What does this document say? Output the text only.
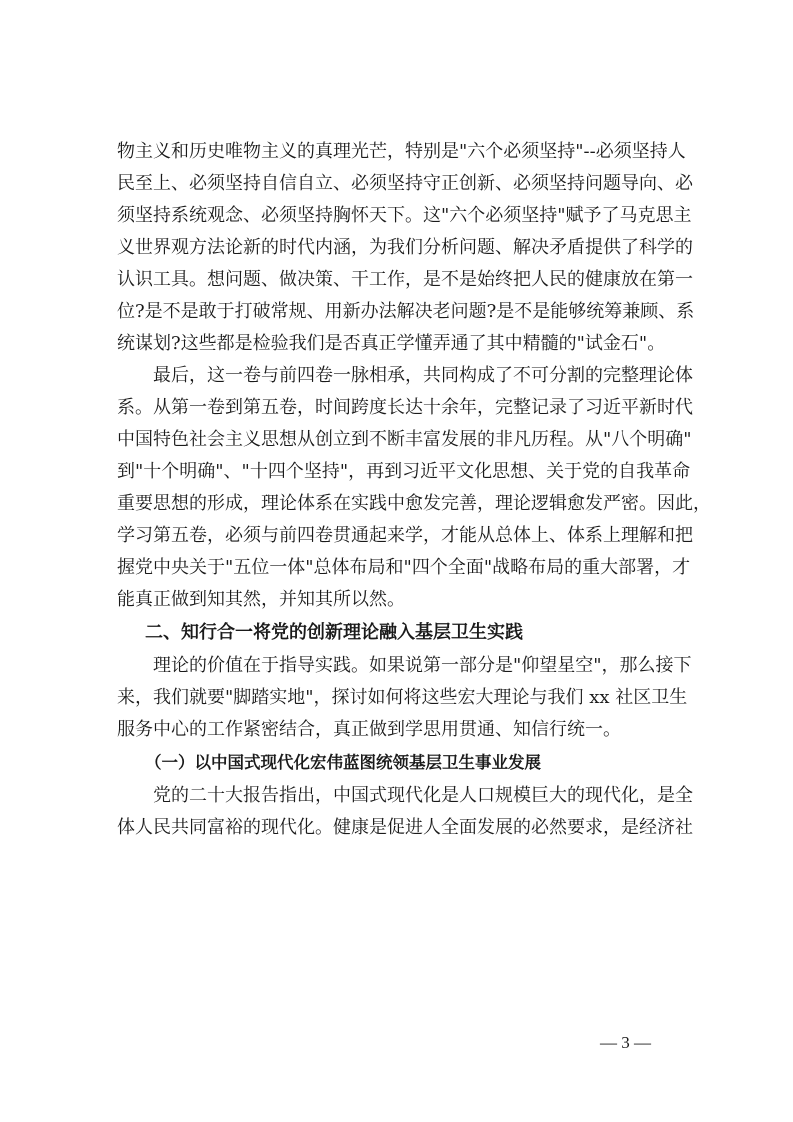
物主义和历史唯物主义的真理光芒，特别是"六个必须坚持"--必须坚持人
民至上、必须坚持自信自立、必须坚持守正创新、必须坚持问题导向、必
须坚持系统观念、必须坚持胸怀天下。这"六个必须坚持"赋予了马克思主
义世界观方法论新的时代内涵，为我们分析问题、解决矛盾提供了科学的
认识工具。想问题、做决策、干工作，是不是始终把人民的健康放在第一
位?是不是敢于打破常规、用新办法解决老问题?是不是能够统筹兼顾、系
统谋划?这些都是检验我们是否真正学懂弄通了其中精髓的"试金石"。
最后，这一卷与前四卷一脉相承，共同构成了不可分割的完整理论体
系。从第一卷到第五卷，时间跨度长达十余年，完整记录了习近平新时代
中国特色社会主义思想从创立到不断丰富发展的非凡历程。从"八个明确"
到"十个明确"、"十四个坚持"，再到习近平文化思想、关于党的自我革命
重要思想的形成，理论体系在实践中愈发完善，理论逻辑愈发严密。因此，
学习第五卷，必须与前四卷贯通起来学，才能从总体上、体系上理解和把
握党中央关于"五位一体"总体布局和"四个全面"战略布局的重大部署，才
能真正做到知其然，并知其所以然。
二、知行合一将党的创新理论融入基层卫生实践
理论的价值在于指导实践。如果说第一部分是"仰望星空"，那么接下
来，我们就要"脚踏实地"，探讨如何将这些宏大理论与我们 xx 社区卫生
服务中心的工作紧密结合，真正做到学思用贯通、知信行统一。
（一）以中国式现代化宏伟蓝图统领基层卫生事业发展
党的二十大报告指出，中国式现代化是人口规模巨大的现代化，是全
体人民共同富裕的现代化。健康是促进人全面发展的必然要求，是经济社
— 3 —
